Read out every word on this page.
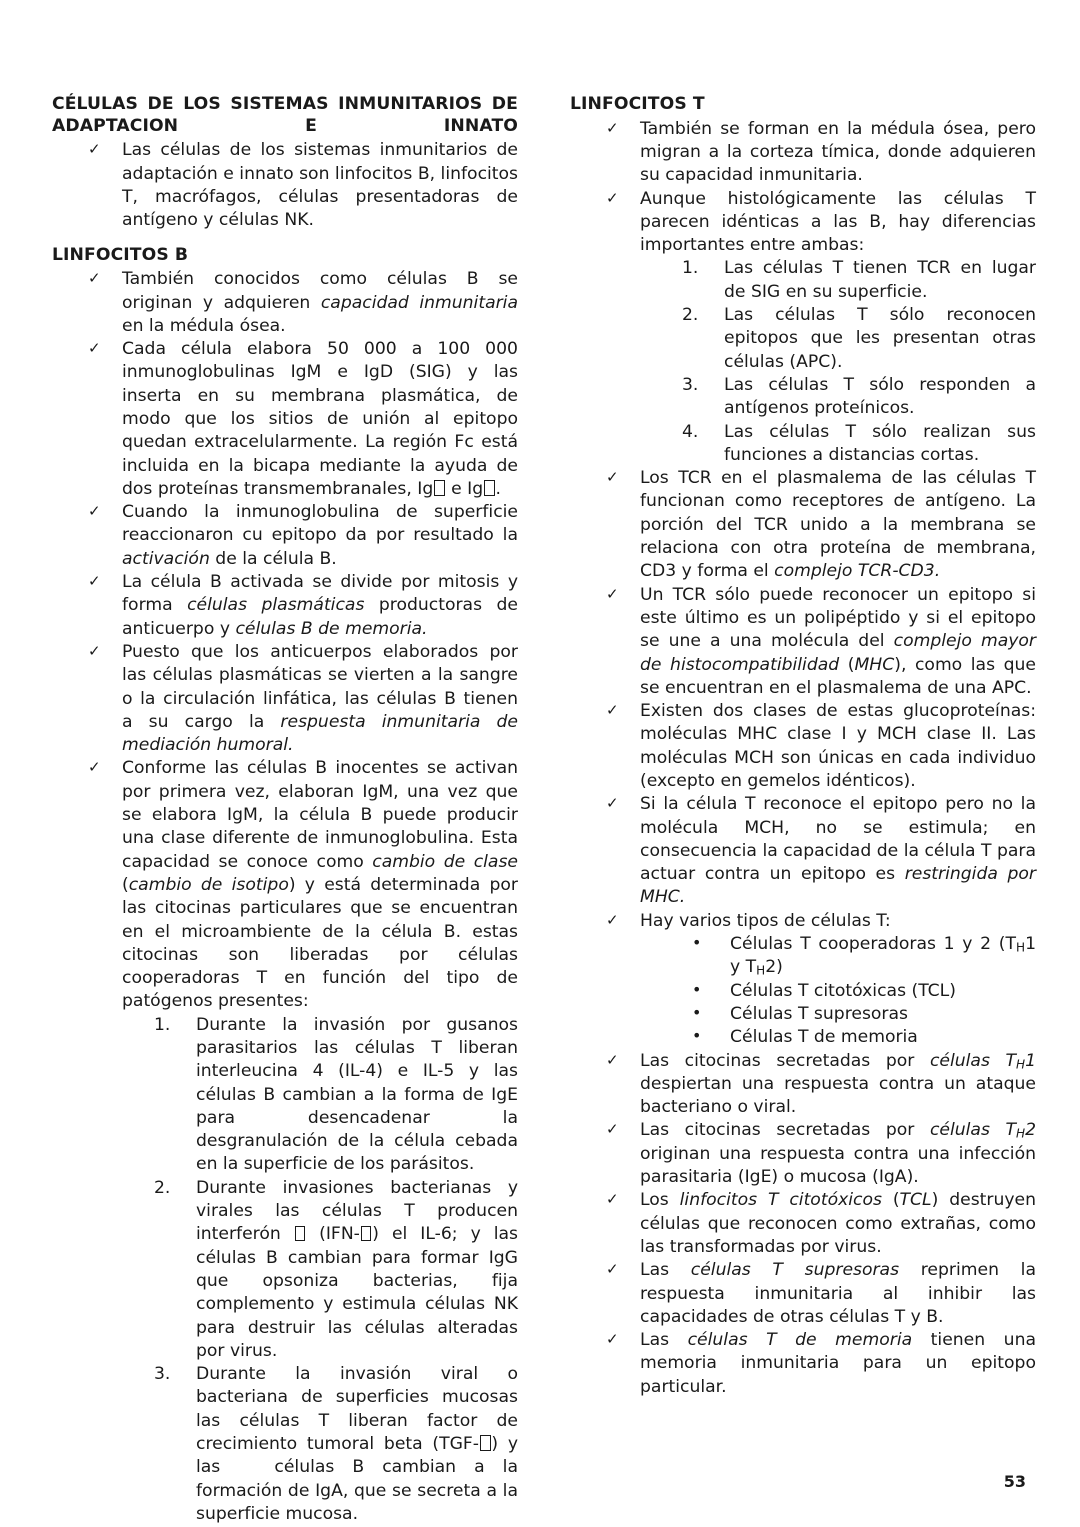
CÉLULAS DE LOS SISTEMAS INMUNITARIOS DE ADAPTACION E INNATO
✓ Las células de los sistemas inmunitarios de adaptación e innato son linfocitos B, linfocitos T, macrófagos, células presentadoras de antígeno y células NK.
LINFOCITOS B
✓ También conocidos como células B se originan y adquieren capacidad inmunitaria en la médula ósea.
✓ Cada célula elabora 50 000 a 100 000 inmunoglobulinas IgM e IgD (SIG) y las inserta en su membrana plasmática, de modo que los sitios de unión al epitopo quedan extracelularmente. La región Fc está incluida en la bicapa mediante la ayuda de dos proteínas transmembranales, Ig e Ig .
✓ Cuando la inmunoglobulina de superficie reaccionaron cu epitopo da por resultado la activación de la célula B.
✓ La célula B activada se divide por mitosis y forma células plasmáticas productoras de anticuerpo y células B de memoria.
✓ Puesto que los anticuerpos elaborados por las células plasmáticas se vierten a la sangre o la circulación linfática, las células B tienen a su cargo la respuesta inmunitaria de mediación humoral.
✓ Conforme las células B inocentes se activan por primera vez, elaboran IgM, una vez que se elabora IgM, la célula B puede producir una clase diferente de inmunoglobulina. Esta capacidad se conoce como cambio de clase (cambio de isotipo) y está determinada por las citocinas particulares que se encuentran en el microambiente de la célula B. estas citocinas son liberadas por células cooperadoras T en función del tipo de patógenos presentes:
1. Durante la invasión por gusanos parasitarios las células T liberan interleucina 4 (IL-4) e IL-5 y las células B cambian a la forma de IgE para desencadenar la desgranulación de la célula cebada en la superficie de los parásitos.
2. Durante invasiones bacterianas y virales las células T producen interferón  (IFN- ) el IL-6; y las células B cambian para formar IgG que opsoniza bacterias, fija complemento y estimula células NK para destruir las células alteradas por virus.
3. Durante la invasión viral o bacteriana de superficies mucosas las células T liberan factor de crecimiento tumoral beta (TGF- ) y las   células B cambian a la formación de IgA, que se secreta a la superficie mucosa.
LINFOCITOS T
✓ También se forman en la médula ósea, pero migran a la corteza tímica, donde adquieren su capacidad inmunitaria.
✓ Aunque histológicamente las células T parecen idénticas a las B, hay diferencias importantes entre ambas:
1. Las células T tienen TCR en lugar de SIG en su superficie.
2. Las células T sólo reconocen epitopos que les presentan otras células (APC).
3. Las células T sólo responden a antígenos proteínicos.
4. Las células T sólo realizan sus funciones a distancias cortas.
✓ Los TCR en el plasmalema de las células T funcionan como receptores de antígeno. La porción del TCR unido a la membrana se relaciona con otra proteína de membrana, CD3 y forma el complejo TCR-CD3.
✓ Un TCR sólo puede reconocer un epitopo si este último es un polipéptido y si el epitopo se une a una molécula del complejo mayor de histocompatibilidad (MHC), como las que se encuentran en el plasmalema de una APC.
✓ Existen dos clases de estas glucoproteínas: moléculas MHC clase I y MCH clase II. Las moléculas MCH son únicas en cada individuo (excepto en gemelos idénticos).
✓ Si la célula T reconoce el epitopo pero no la molécula MCH, no se estimula; en consecuencia la capacidad de la célula T para actuar contra un epitopo es restringida por MHC.
✓ Hay varios tipos de células T:
• Células T cooperadoras 1 y 2 ($T_H1$ y $T_H2$)
• Células T citotóxicas (TCL)
• Células T supresoras
• Células T de memoria
✓ Las citocinas secretadas por células $T_H1$ despiertan una respuesta contra un ataque bacteriano o viral.
✓ Las citocinas secretadas por células $T_H2$ originan una respuesta contra una infección parasitaria (IgE) o mucosa (IgA).
✓ Los linfocitos T citotóxicos (TCL) destruyen células que reconocen como extrañas, como las transformadas por virus.
✓ Las células T supresoras reprimen la respuesta inmunitaria al inhibir las capacidades de otras células T y B.
✓ Las células T de memoria tienen una memoria inmunitaria para un epitopo particular.
53
